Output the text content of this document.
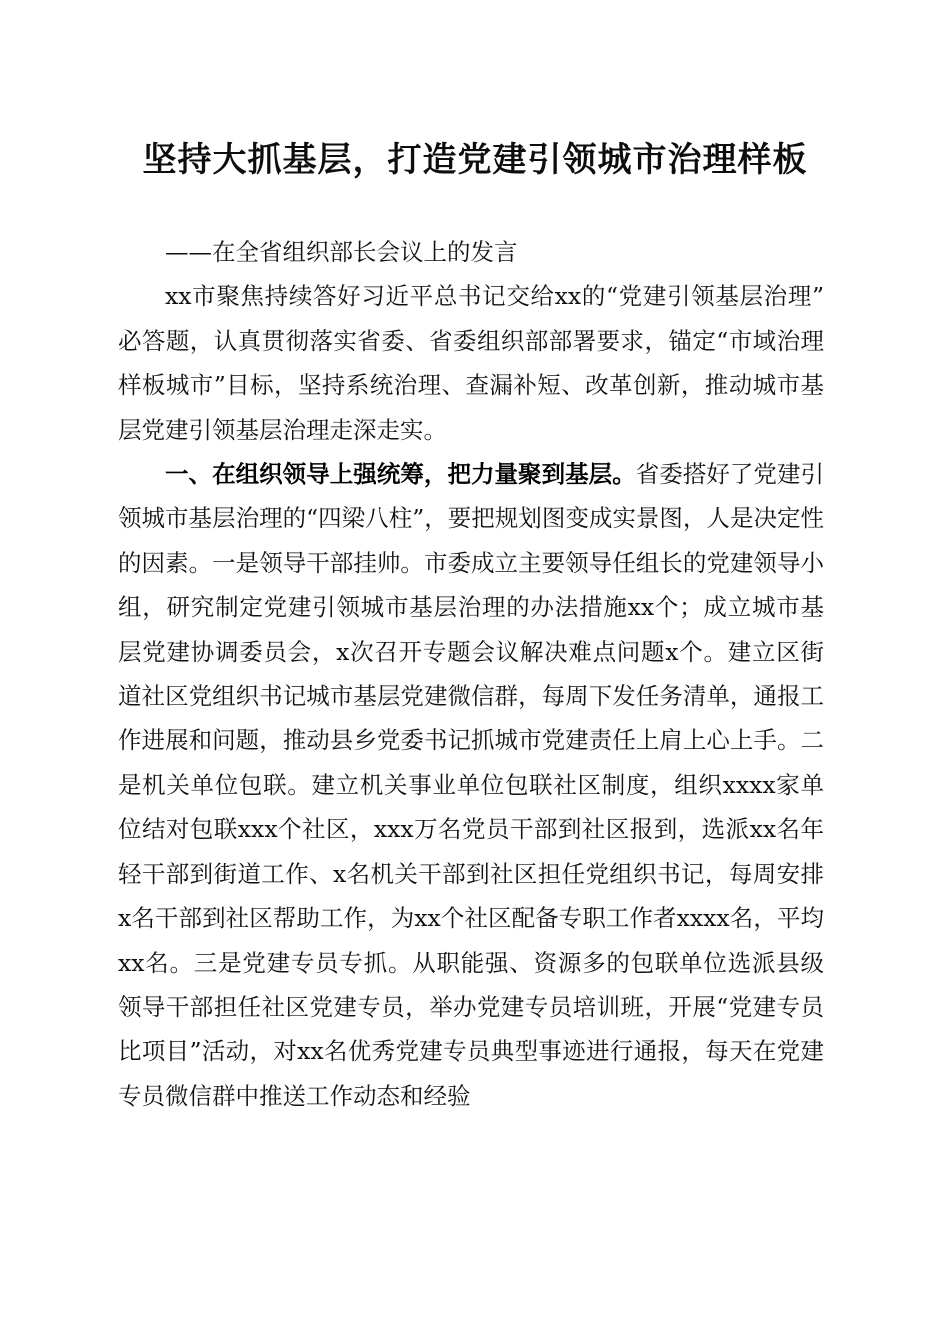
坚持大抓基层，打造党建引领城市治理样板

——在全省组织部长会议上的发言

xx市聚焦持续答好习近平总书记交给xx的“党建引领基层治理”必答题，认真贯彻落实省委、省委组织部部署要求，锚定“市域治理样板城市”目标，坚持系统治理、查漏补短、改革创新，推动城市基层党建引领基层治理走深走实。

一、在组织领导上强统筹，把力量聚到基层。省委搭好了党建引领城市基层治理的“四梁八柱”，要把规划图变成实景图，人是决定性的因素。一是领导干部挂帅。市委成立主要领导任组长的党建领导小组，研究制定党建引领城市基层治理的办法措施xx个；成立城市基层党建协调委员会，x次召开专题会议解决难点问题x个。建立区街道社区党组织书记城市基层党建微信群，每周下发任务清单，通报工作进展和问题，推动县乡党委书记抓城市党建责任上肩上心上手。二是机关单位包联。建立机关事业单位包联社区制度，组织xxxx家单位结对包联xxx个社区，xxx万名党员干部到社区报到，选派xx名年轻干部到街道工作、x名机关干部到社区担任党组织书记，每周安排x名干部到社区帮助工作，为xx个社区配备专职工作者xxxx名，平均xx名。三是党建专员专抓。从职能强、资源多的包联单位选派县级领导干部担任社区党建专员，举办党建专员培训班，开展“党建专员比项目”活动，对xx名优秀党建专员典型事迹进行通报，每天在党建专员微信群中推送工作动态和经验
